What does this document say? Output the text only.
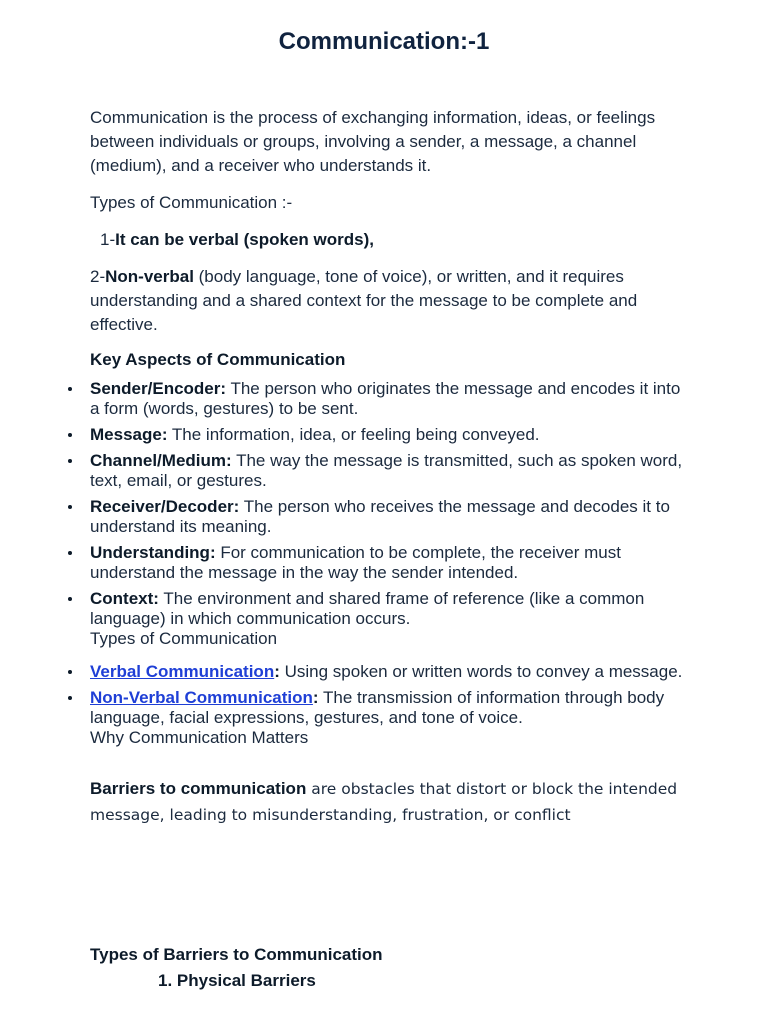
Communication:-1
Communication is the process of exchanging information, ideas, or feelings between individuals or groups, involving a sender, a message, a channel (medium), and a receiver who understands it.
Types of Communication :-
1-It can be verbal (spoken words),
2-Non-verbal (body language, tone of voice), or written, and it requires understanding and a shared context for the message to be complete and effective.
Key Aspects of Communication
Sender/Encoder: The person who originates the message and encodes it into a form (words, gestures) to be sent.
Message: The information, idea, or feeling being conveyed.
Channel/Medium: The way the message is transmitted, such as spoken word, text, email, or gestures.
Receiver/Decoder: The person who receives the message and decodes it to understand its meaning.
Understanding: For communication to be complete, the receiver must understand the message in the way the sender intended.
Context: The environment and shared frame of reference (like a common language) in which communication occurs.
Types of Communication
Verbal Communication: Using spoken or written words to convey a message.
Non-Verbal Communication: The transmission of information through body language, facial expressions, gestures, and tone of voice.
Why Communication Matters
Barriers to communication are obstacles that distort or block the intended message, leading to misunderstanding, frustration, or conflict
Types of Barriers to Communication
1. Physical Barriers
